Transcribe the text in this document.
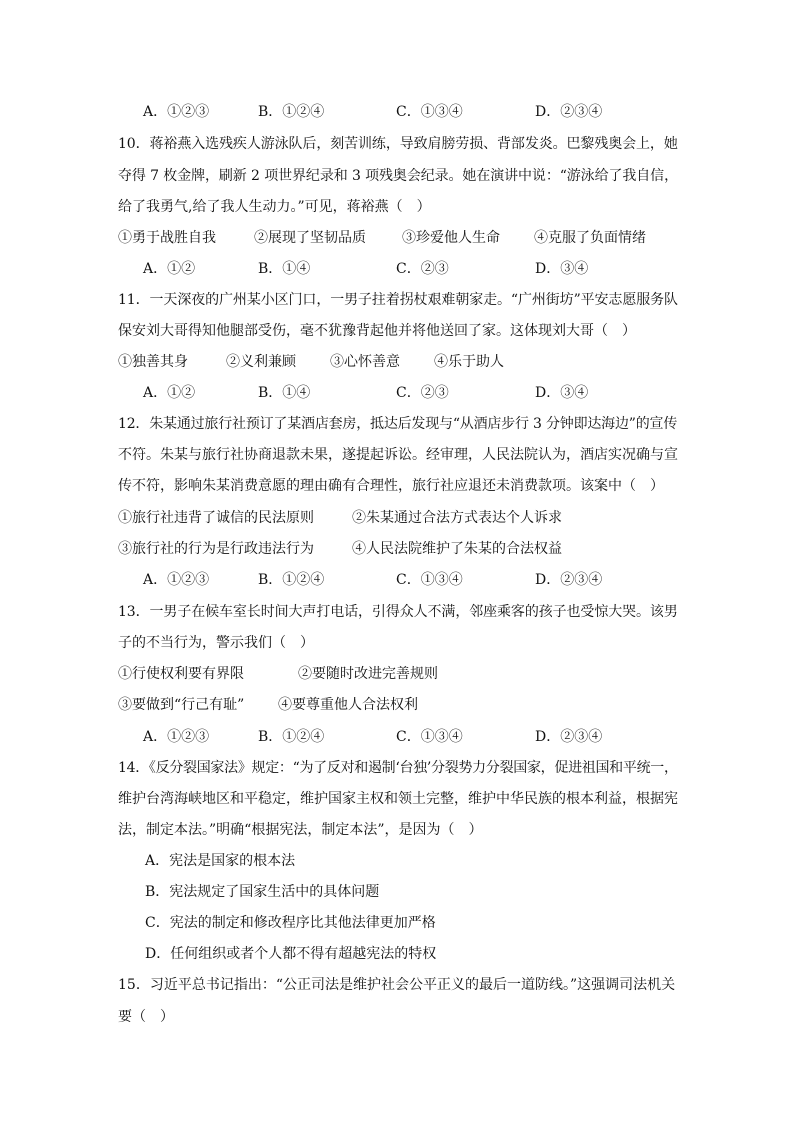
A．①②③	B．①②④	C．①③④	D．②③④
10．蒋裕燕入选残疾人游泳队后，刻苦训练，导致肩膀劳损、背部发炎。巴黎残奥会上，她
夺得 7 枚金牌，刷新 2 项世界纪录和 3 项残奥会纪录。她在演讲中说：“游泳给了我自信，
给了我勇气,给了我人生动力。”可见，蒋裕燕（　）
①勇于战胜自我	②展现了坚韧品质	③珍爱他人生命 ④克服了负面情绪
A．①②	B．①④	C．②③	D．③④
11．一天深夜的广州某小区门口，一男子拄着拐杖艰难朝家走。“广州街坊”平安志愿服务队
保安刘大哥得知他腿部受伤，毫不犹豫背起他并将他送回了家。这体现刘大哥（　）
①独善其身	②义利兼顾 ③心怀善意 ④乐于助人
A．①②	B．①④	C．②③	D．③④
12．朱某通过旅行社预订了某酒店套房，抵达后发现与“从酒店步行 3 分钟即达海边”的宣传
不符。朱某与旅行社协商退款未果，遂提起诉讼。经审理，人民法院认为，酒店实况确与宣
传不符，影响朱某消费意愿的理由确有合理性，旅行社应退还未消费款项。该案中（　）
①旅行社违背了诚信的民法原则	②朱某通过合法方式表达个人诉求
③旅行社的行为是行政违法行为	④人民法院维护了朱某的合法权益
A．①②③	B．①②④	C．①③④	D．②③④
13．一男子在候车室长时间大声打电话，引得众人不满，邻座乘客的孩子也受惊大哭。该男
子的不当行为，警示我们（　）
①行使权利要有界限	②要随时改进完善规则
③要做到“行己有耻” ④要尊重他人合法权利
A．①②③	B．①②④	C．①③④	D．②③④
14．《反分裂国家法》规定：“为了反对和遏制‘台独’分裂势力分裂国家，促进祖国和平统一，
维护台湾海峡地区和平稳定，维护国家主权和领土完整，维护中华民族的根本利益，根据宪
法，制定本法。”明确“根据宪法，制定本法”，是因为（　）
A．宪法是国家的根本法
B．宪法规定了国家生活中的具体问题
C．宪法的制定和修改程序比其他法律更加严格
D．任何组织或者个人都不得有超越宪法的特权
15．习近平总书记指出：“公正司法是维护社会公平正义的最后一道防线。”这强调司法机关
要（　）
